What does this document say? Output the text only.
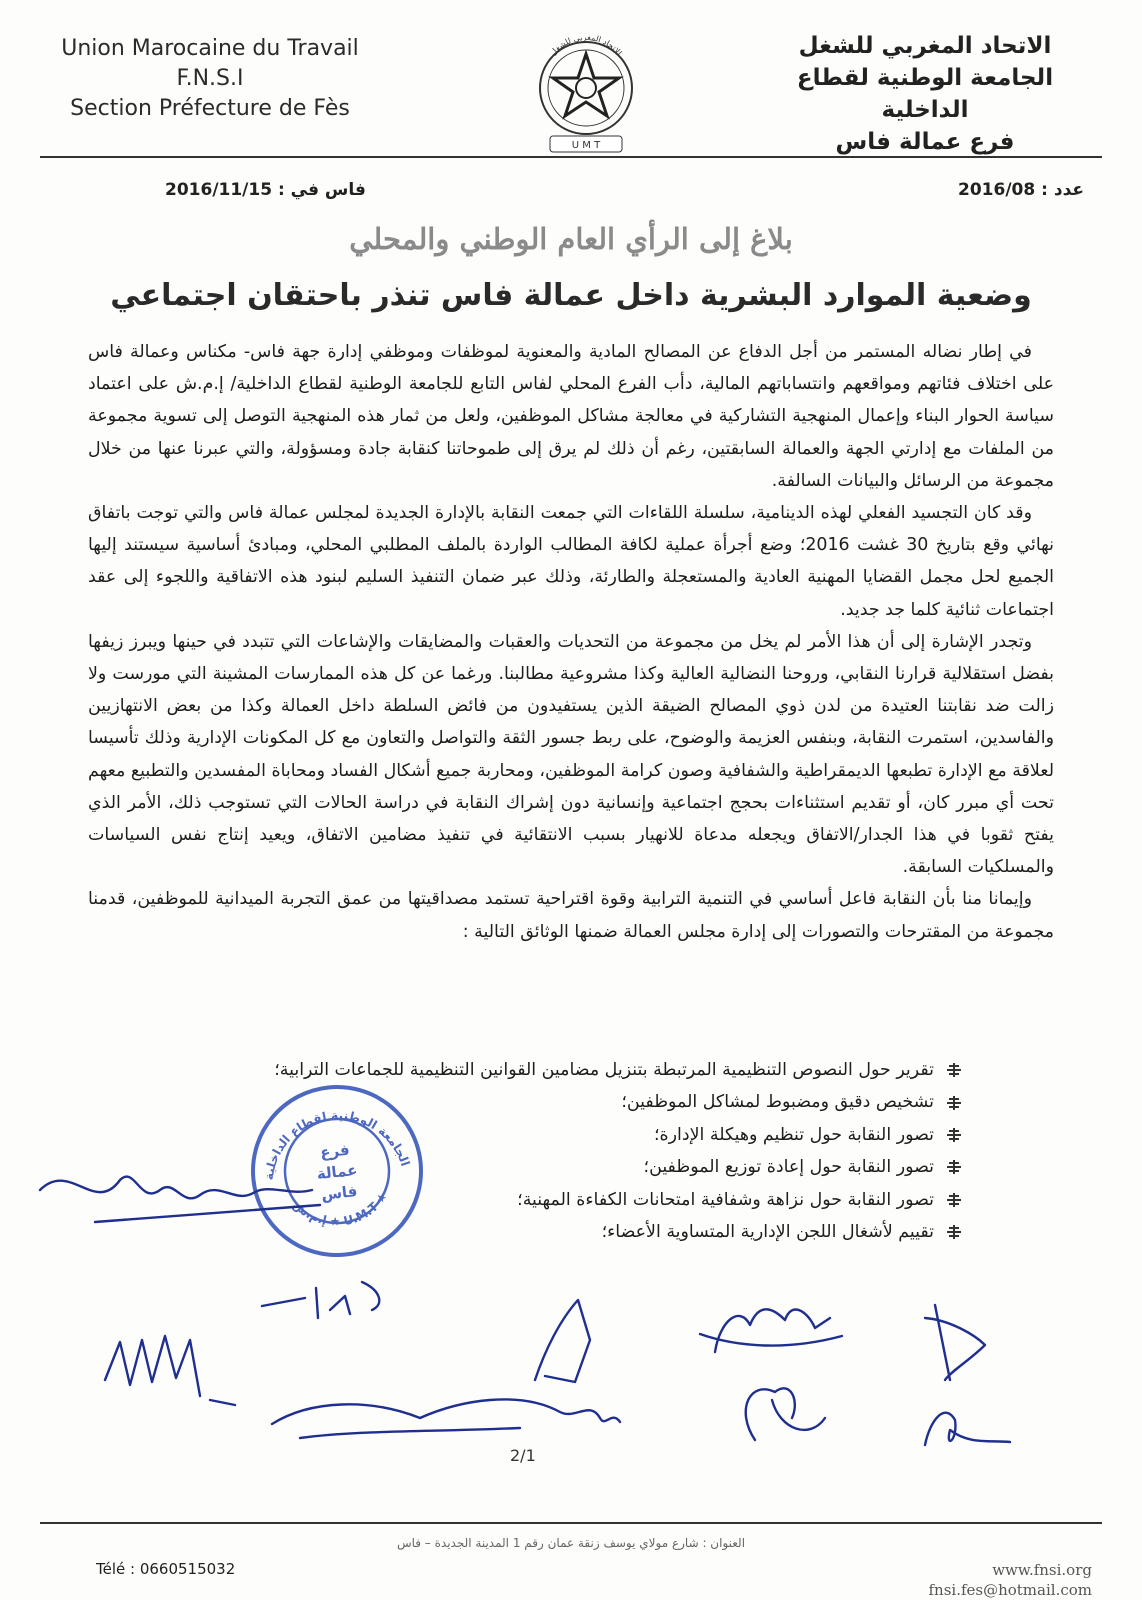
Union Marocaine du Travail
F.N.S.I
Section Préfecture de Fès
الاتحاد المغربي للشغل
U M T
الاتحاد المغربي للشغل
الجامعة الوطنية لقطاع الداخلية
فرع عمالة فاس
عدد : 2016/08
فاس في : 2016/11/15
بلاغ إلى الرأي العام الوطني والمحلي
وضعية الموارد البشرية داخل عمالة فاس تنذر باحتقان اجتماعي

في إطار نضاله المستمر من أجل الدفاع عن المصالح المادية والمعنوية لموظفات وموظفي إدارة جهة فاس- مكناس وعمالة فاس على اختلاف فئاتهم ومواقعهم وانتساباتهم المالية، دأب الفرع المحلي لفاس التابع للجامعة الوطنية لقطاع الداخلية/ إ.م.ش على اعتماد سياسة الحوار البناء وإعمال المنهجية التشاركية في معالجة مشاكل الموظفين، ولعل من ثمار هذه المنهجية التوصل إلى تسوية مجموعة من الملفات مع إدارتي الجهة والعمالة السابقتين، رغم أن ذلك لم يرق إلى طموحاتنا كنقابة جادة ومسؤولة، والتي عبرنا عنها من خلال مجموعة من الرسائل والبيانات السالفة.

وقد كان التجسيد الفعلي لهذه الدينامية، سلسلة اللقاءات التي جمعت النقابة بالإدارة الجديدة لمجلس عمالة فاس والتي توجت باتفاق نهائي وقع بتاريخ 30 غشت 2016؛ وضع أجرأة عملية لكافة المطالب الواردة بالملف المطلبي المحلي، ومبادئ أساسية سيستند إليها الجميع لحل مجمل القضايا المهنية العادية والمستعجلة والطارئة، وذلك عبر ضمان التنفيذ السليم لبنود هذه الاتفاقية واللجوء إلى عقد اجتماعات ثنائية كلما جد جديد.

وتجدر الإشارة إلى أن هذا الأمر لم يخل من مجموعة من التحديات والعقبات والمضايقات والإشاعات التي تتبدد في حينها ويبرز زيفها بفضل استقلالية قرارنا النقابي، وروحنا النضالية العالية وكذا مشروعية مطالبنا. ورغما عن كل هذه الممارسات المشينة التي مورست ولا زالت ضد نقابتنا العتيدة من لدن ذوي المصالح الضيقة الذين يستفيدون من فائض السلطة داخل العمالة وكذا من بعض الانتهازيين والفاسدين، استمرت النقابة، وبنفس العزيمة والوضوح، على ربط جسور الثقة والتواصل والتعاون مع كل المكونات الإدارية وذلك تأسيسا لعلاقة مع الإدارة تطبعها الديمقراطية والشفافية وصون كرامة الموظفين، ومحاربة جميع أشكال الفساد ومحاباة المفسدين والتطبيع معهم تحت أي مبرر كان، أو تقديم استثناءات بحجج اجتماعية وإنسانية دون إشراك النقابة في دراسة الحالات التي تستوجب ذلك، الأمر الذي يفتح ثقوبا في هذا الجدار/الاتفاق ويجعله مدعاة للانهيار بسبب الانتقائية في تنفيذ مضامين الاتفاق، ويعيد إنتاج نفس السياسات والمسلكيات السابقة.

وإيمانا منا بأن النقابة فاعل أساسي في التنمية الترابية وقوة اقتراحية تستمد مصداقيتها من عمق التجربة الميدانية للموظفين، قدمنا مجموعة من المقترحات والتصورات إلى إدارة مجلس العمالة ضمنها الوثائق التالية :

تقرير حول النصوص التنظيمية المرتبطة بتنزيل مضامين القوانين التنظيمية للجماعات الترابية؛
تشخيص دقيق ومضبوط لمشاكل الموظفين؛
تصور النقابة حول تنظيم وهيكلة الإدارة؛
تصور النقابة حول إعادة توزيع الموظفين؛
تصور النقابة حول نزاهة وشفافية امتحانات الكفاءة المهنية؛
تقييم لأشغال اللجن الإدارية المتساوية الأعضاء؛
الجامعة الوطنية لقطاع الداخلية
إ.م.ش ★ U.M.T ★
فرع
عمالة
فاس
2/1
العنوان : شارع مولاي يوسف زنقة عمان رقم 1 المدينة الجديدة – فاس
Télé : 0660515032	www.fnsi.org
fnsi.fes@hotmail.com
